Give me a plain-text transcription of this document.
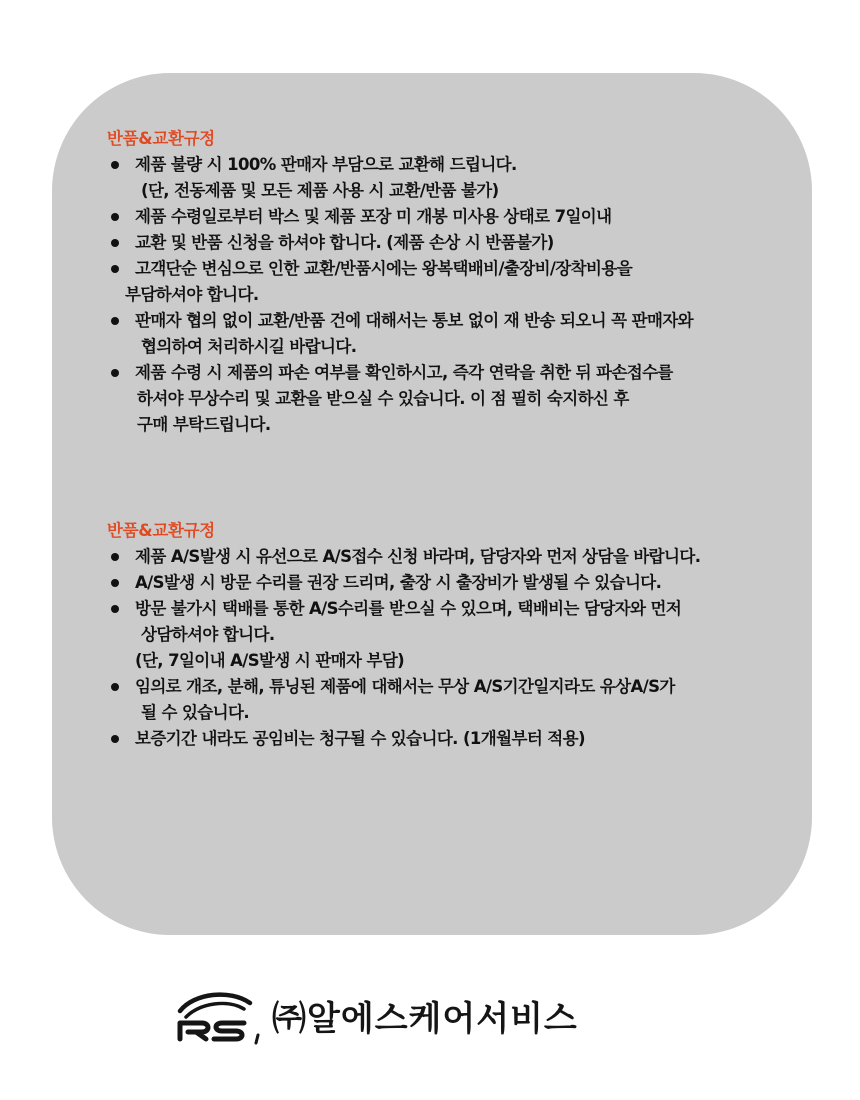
반품&교환규정
제품 불량 시 100% 판매자 부담으로 교환해 드립니다.
(단, 전동제품 및 모든 제품 사용 시 교환/반품 불가)
제품 수령일로부터 박스 및 제품 포장 미 개봉 미사용 상태로 7일이내
교환 및 반품 신청을 하셔야 합니다. (제품 손상 시 반품불가)
고객단순 변심으로 인한 교환/반품시에는 왕복택배비/출장비/장착비용을
부담하셔야 합니다.
판매자 협의 없이 교환/반품 건에 대해서는 통보 없이 재 반송 되오니 꼭 판매자와
협의하여 처리하시길 바랍니다.
제품 수령 시 제품의 파손 여부를 확인하시고, 즉각 연락을 취한 뒤 파손접수를
하셔야 무상수리 및 교환을 받으실 수 있습니다. 이 점 필히 숙지하신 후
구매 부탁드립니다.
반품&교환규정
제품 A/S발생 시 유선으로 A/S접수 신청 바라며, 담당자와 먼저 상담을 바랍니다.
A/S발생 시 방문 수리를 권장 드리며, 출장 시 출장비가 발생될 수 있습니다.
방문 불가시 택배를 통한 A/S수리를 받으실 수 있으며, 택배비는 담당자와 먼저
상담하셔야 합니다.
(단, 7일이내 A/S발생 시 판매자 부담)
임의로 개조, 분해, 튜닝된 제품에 대해서는 무상 A/S기간일지라도 유상A/S가
될 수 있습니다.
보증기간 내라도 공임비는 청구될 수 있습니다. (1개월부터 적용)
㈜알에스케어서비스
